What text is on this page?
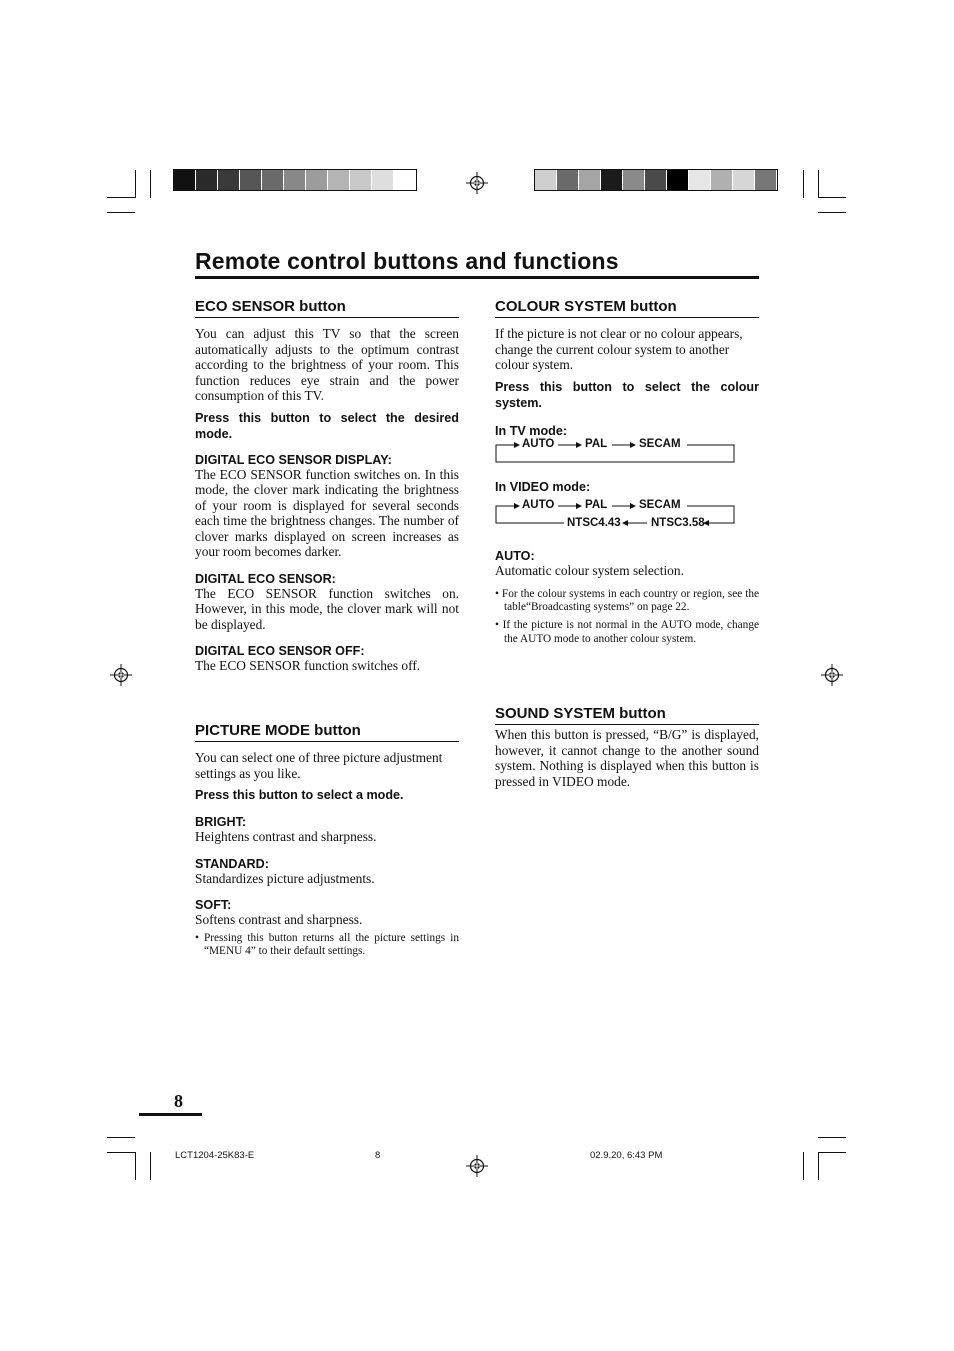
Remote control buttons and functions
ECO SENSOR button

You can adjust this TV so that the screen automatically adjusts to the optimum contrast according to the brightness of your room. This function reduces eye strain and the power consumption of this TV.

Press this button to select the desired mode.

DIGITAL ECO SENSOR DISPLAY:

The ECO SENSOR function switches on. In this mode, the clover mark indicating the brightness of your room is displayed for several seconds each time the brightness changes. The number of clover marks displayed on screen increases as your room becomes darker.

DIGITAL ECO SENSOR:

The ECO SENSOR function switches on. However, in this mode, the clover mark will not be displayed.

DIGITAL ECO SENSOR OFF:

The ECO SENSOR function switches off.

PICTURE MODE button

You can select one of three picture adjustment settings as you like.

Press this button to select a mode.

BRIGHT:

Heightens contrast and sharpness.

STANDARD:

Standardizes picture adjustments.

SOFT:

Softens contrast and sharpness.

• Pressing this button returns all the picture settings in “MENU 4” to their default settings.

COLOUR SYSTEM button

If the picture is not clear or no colour appears, change the current colour system to another colour system.

Press this button to select the colour system.

In TV mode:

AUTO	PAL	SECAM

In VIDEO mode:

AUTO	PAL	SECAM
NTSC4.43	NTSC3.58

AUTO:

Automatic colour system selection.

• For the colour systems in each country or region, see the table“Broadcasting systems” on page 22.

• If the picture is not normal in the AUTO mode, change the AUTO mode to another colour system.

SOUND SYSTEM button

When this button is pressed, “B/G” is displayed, however, it cannot change to the another sound system. Nothing is displayed when this button is pressed in VIDEO mode.

8
LCT1204-25K83-E	8	02.9.20, 6:43 PM
